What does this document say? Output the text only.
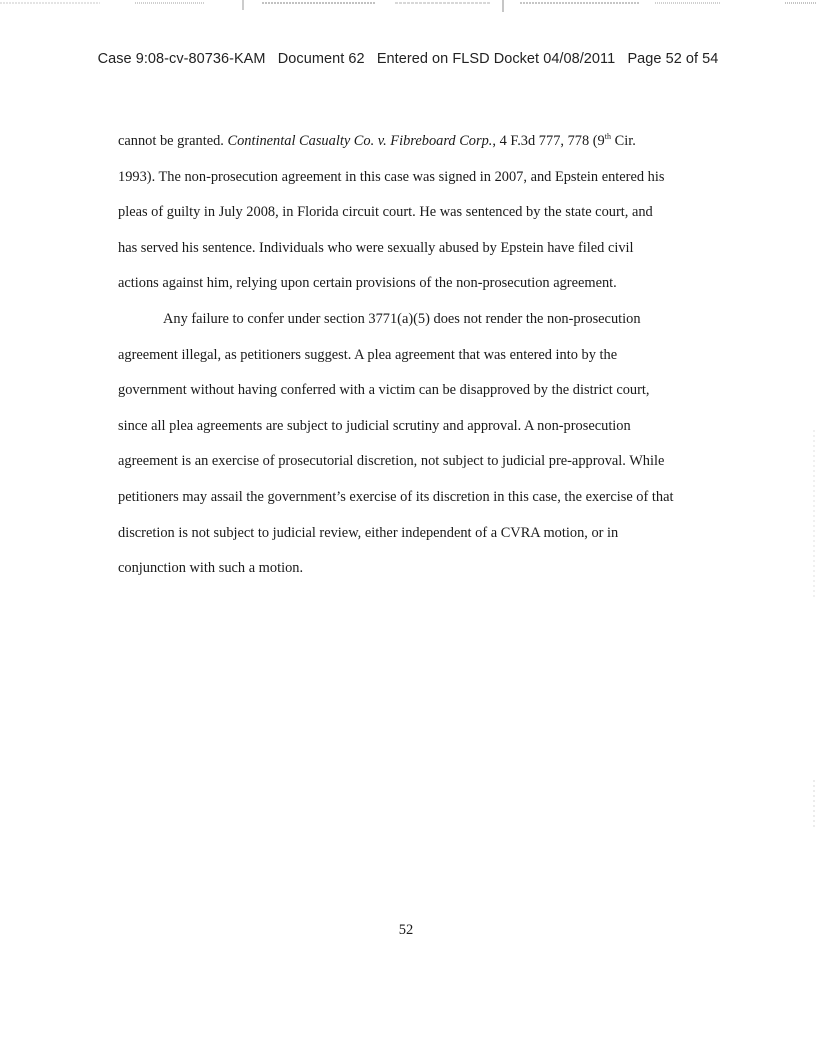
Case 9:08-cv-80736-KAM Document 62 Entered on FLSD Docket 04/08/2011 Page 52 of 54
cannot be granted. Continental Casualty Co. v. Fibreboard Corp., 4 F.3d 777, 778 (9th Cir.
1993). The non-prosecution agreement in this case was signed in 2007, and Epstein entered his
pleas of guilty in July 2008, in Florida circuit court. He was sentenced by the state court, and
has served his sentence. Individuals who were sexually abused by Epstein have filed civil
actions against him, relying upon certain provisions of the non-prosecution agreement.
Any failure to confer under section 3771(a)(5) does not render the non-prosecution
agreement illegal, as petitioners suggest. A plea agreement that was entered into by the
government without having conferred with a victim can be disapproved by the district court,
since all plea agreements are subject to judicial scrutiny and approval. A non-prosecution
agreement is an exercise of prosecutorial discretion, not subject to judicial pre-approval. While
petitioners may assail the government’s exercise of its discretion in this case, the exercise of that
discretion is not subject to judicial review, either independent of a CVRA motion, or in
conjunction with such a motion.
52
